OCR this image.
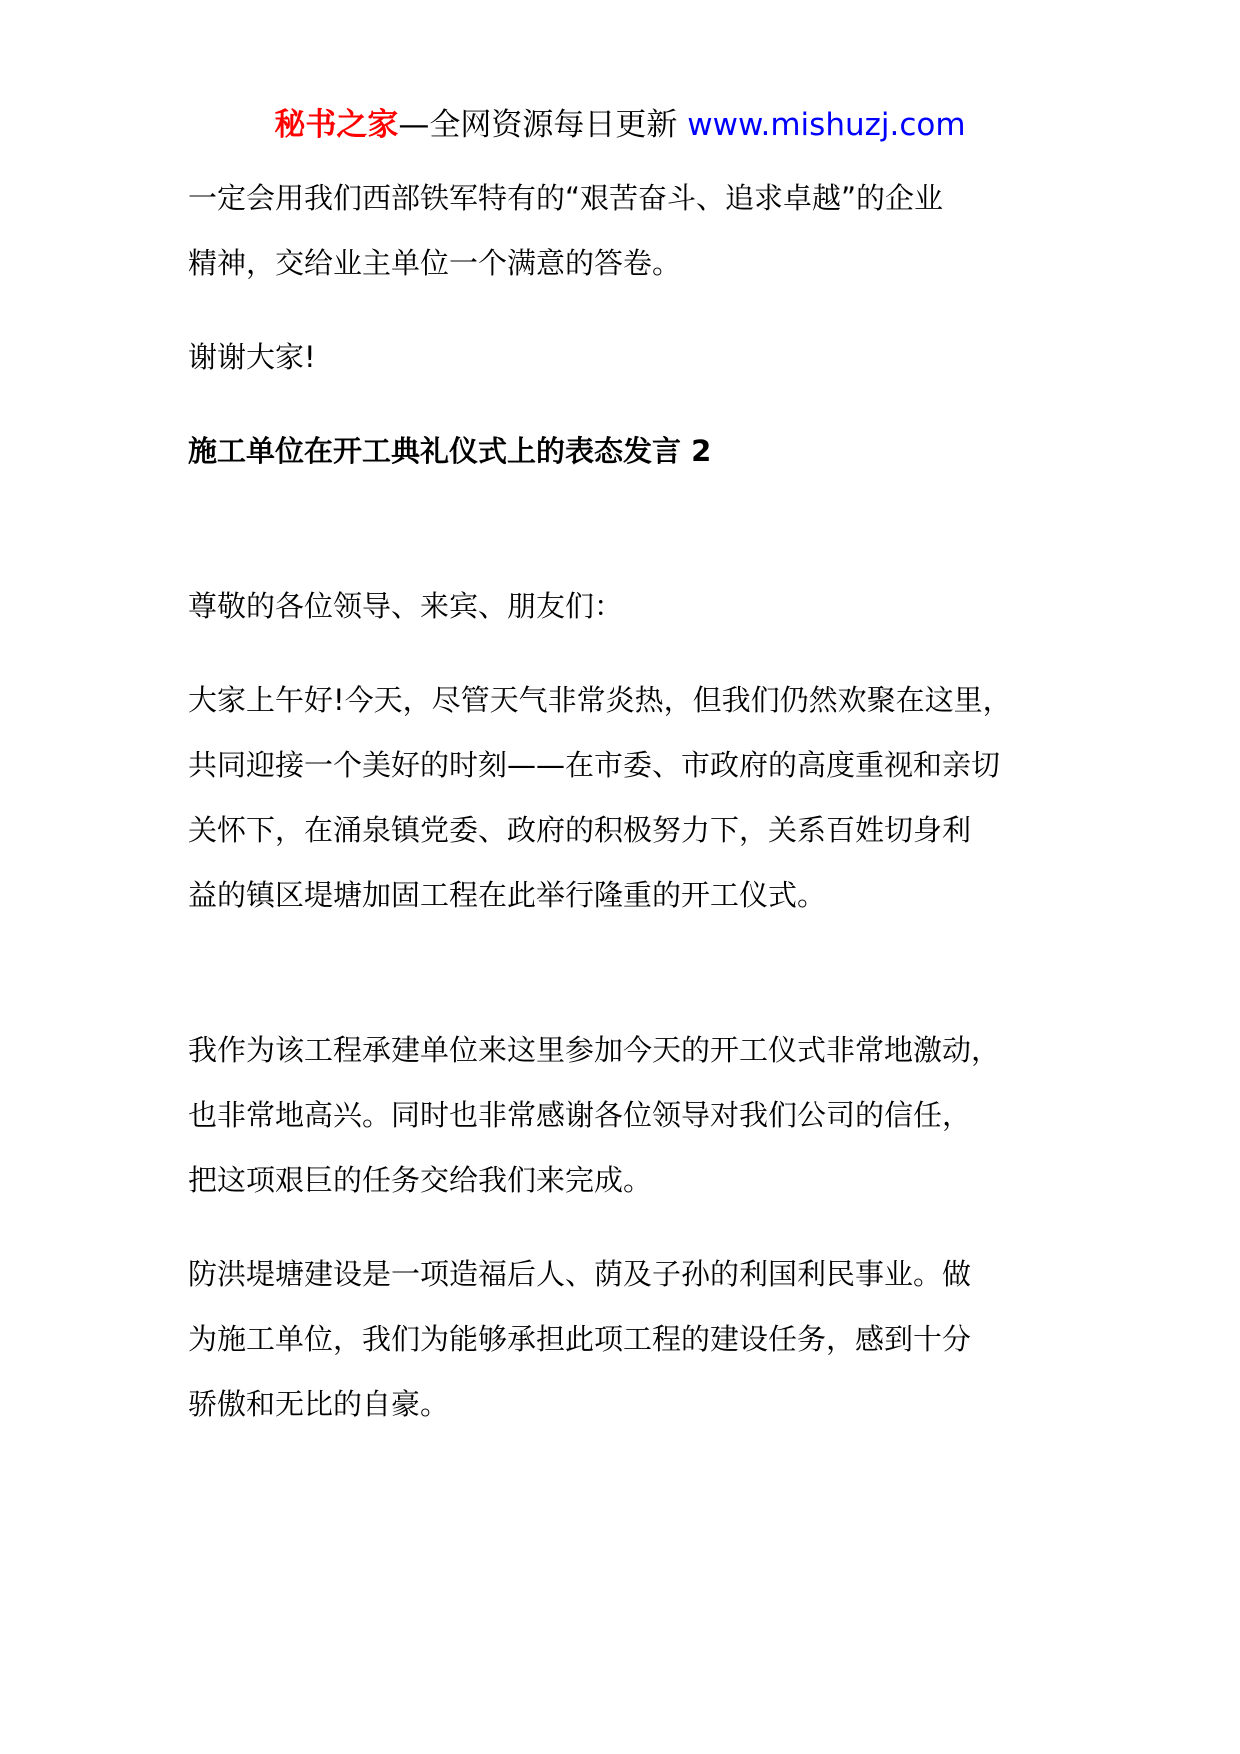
秘书之家—全网资源每日更新 www.mishuzj.com

一定会用我们西部铁军特有的“艰苦奋斗、追求卓越”的企业
精神，交给业主单位一个满意的答卷。

谢谢大家!

施工单位在开工典礼仪式上的表态发言 2

尊敬的各位领导、来宾、朋友们：

大家上午好!今天，尽管天气非常炎热，但我们仍然欢聚在这里，
共同迎接一个美好的时刻——在市委、市政府的高度重视和亲切
关怀下，在涌泉镇党委、政府的积极努力下，关系百姓切身利
益的镇区堤塘加固工程在此举行隆重的开工仪式。

我作为该工程承建单位来这里参加今天的开工仪式非常地激动，
也非常地高兴。同时也非常感谢各位领导对我们公司的信任，
把这项艰巨的任务交给我们来完成。

防洪堤塘建设是一项造福后人、荫及子孙的利国利民事业。做
为施工单位，我们为能够承担此项工程的建设任务，感到十分
骄傲和无比的自豪。
